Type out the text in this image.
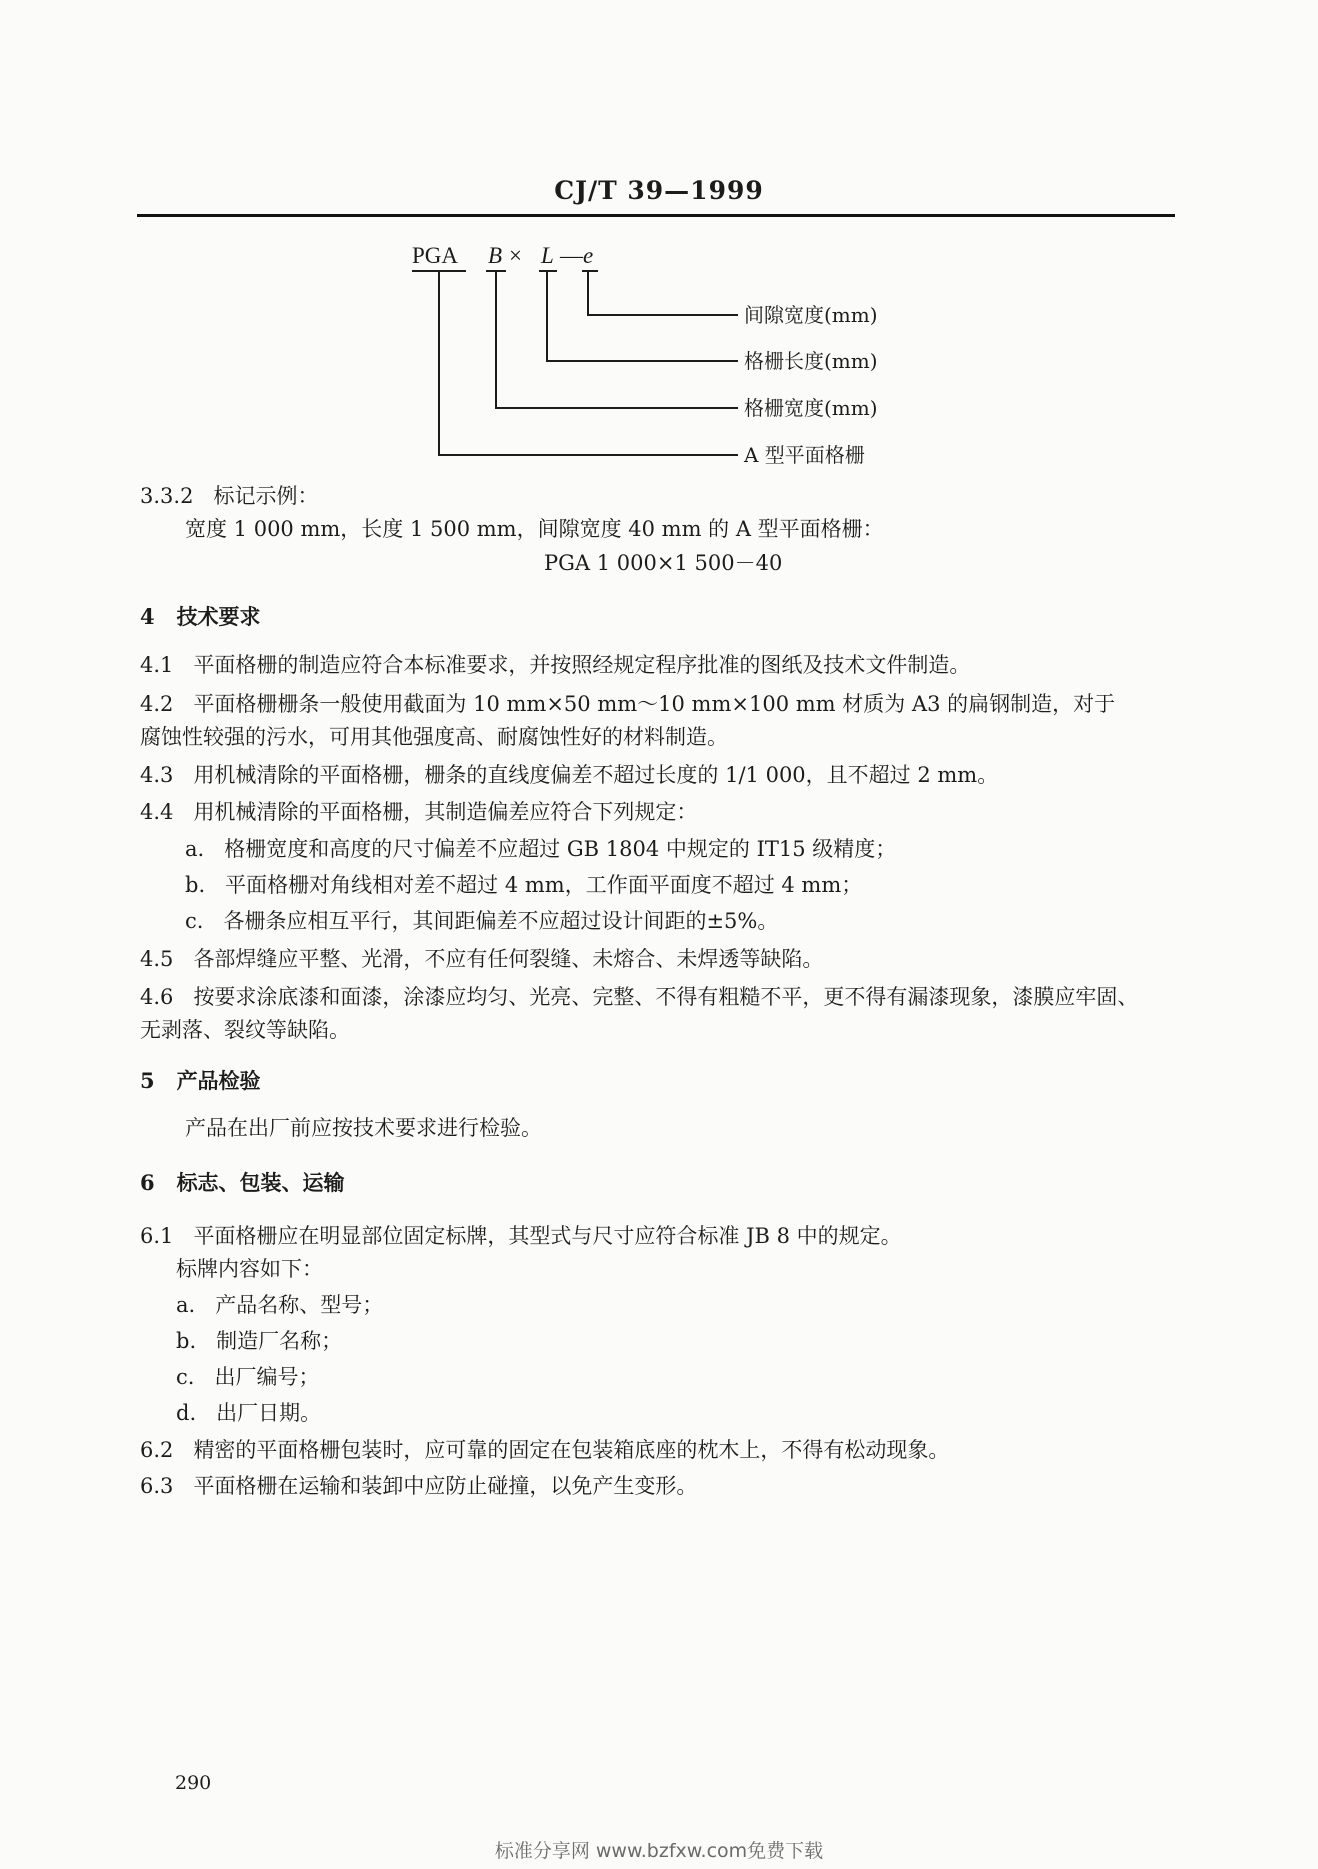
CJ/T 39—1999
PGA B × L — e
间隙宽度(mm)
格栅长度(mm)
格栅宽度(mm)
A 型平面格栅
3.3.2 标记示例：
宽度 1 000 mm，长度 1 500 mm，间隙宽度 40 mm 的 A 型平面格栅：
PGA 1 000×1 500－40
4 技术要求
4.1 平面格栅的制造应符合本标准要求，并按照经规定程序批准的图纸及技术文件制造。
4.2 平面格栅栅条一般使用截面为 10 mm×50 mm～10 mm×100 mm 材质为 A3 的扁钢制造，对于
腐蚀性较强的污水，可用其他强度高、耐腐蚀性好的材料制造。
4.3 用机械清除的平面格栅，栅条的直线度偏差不超过长度的 1/1 000，且不超过 2 mm。
4.4 用机械清除的平面格栅，其制造偏差应符合下列规定：
a. 格栅宽度和高度的尺寸偏差不应超过 GB 1804 中规定的 IT15 级精度；
b. 平面格栅对角线相对差不超过 4 mm，工作面平面度不超过 4 mm；
c. 各栅条应相互平行，其间距偏差不应超过设计间距的±5%。
4.5 各部焊缝应平整、光滑，不应有任何裂缝、未熔合、未焊透等缺陷。
4.6 按要求涂底漆和面漆，涂漆应均匀、光亮、完整、不得有粗糙不平，更不得有漏漆现象，漆膜应牢固、
无剥落、裂纹等缺陷。
5 产品检验
产品在出厂前应按技术要求进行检验。
6 标志、包装、运输
6.1 平面格栅应在明显部位固定标牌，其型式与尺寸应符合标准 JB 8 中的规定。
标牌内容如下：
a. 产品名称、型号；
b. 制造厂名称；
c. 出厂编号；
d. 出厂日期。
6.2 精密的平面格栅包装时，应可靠的固定在包装箱底座的枕木上，不得有松动现象。
6.3 平面格栅在运输和装卸中应防止碰撞，以免产生变形。
290
标准分享网 www.bzfxw.com免费下载
